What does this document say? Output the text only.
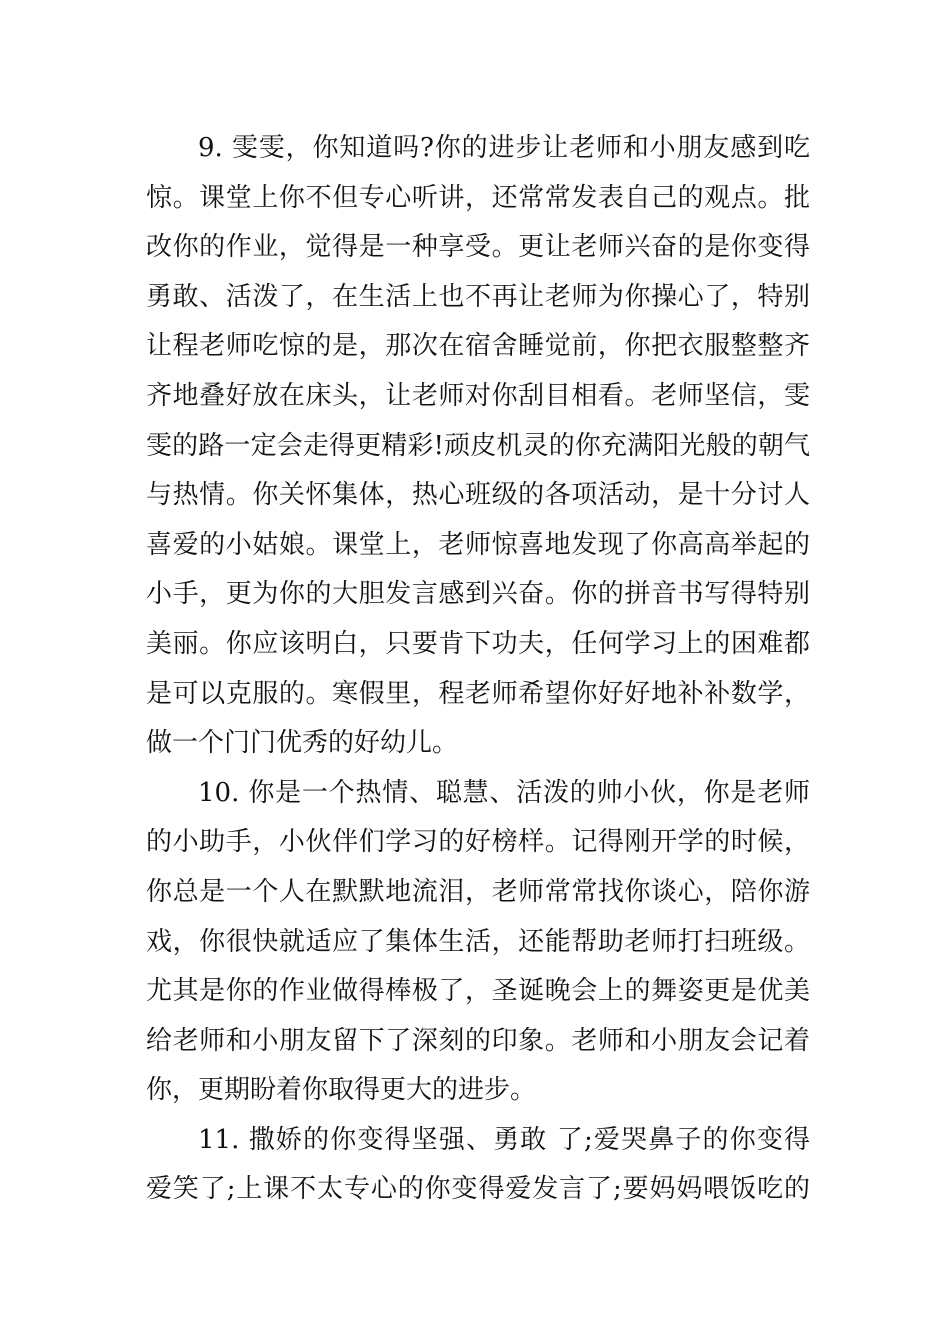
9. 雯雯，你知道吗?你的进步让老师和小朋友感到吃
惊。课堂上你不但专心听讲，还常常发表自己的观点。批
改你的作业，觉得是一种享受。更让老师兴奋的是你变得
勇敢、活泼了，在生活上也不再让老师为你操心了，特别
让程老师吃惊的是，那次在宿舍睡觉前，你把衣服整整齐
齐地叠好放在床头，让老师对你刮目相看。老师坚信，雯
雯的路一定会走得更精彩!顽皮机灵的你充满阳光般的朝气
与热情。你关怀集体，热心班级的各项活动，是十分讨人
喜爱的小姑娘。课堂上，老师惊喜地发现了你高高举起的
小手，更为你的大胆发言感到兴奋。你的拼音书写得特别
美丽。你应该明白，只要肯下功夫，任何学习上的困难都
是可以克服的。寒假里，程老师希望你好好地补补数学，
做一个门门优秀的好幼儿。
10. 你是一个热情、聪慧、活泼的帅小伙，你是老师
的小助手，小伙伴们学习的好榜样。记得刚开学的时候，
你总是一个人在默默地流泪，老师常常找你谈心，陪你游
戏，你很快就适应了集体生活，还能帮助老师打扫班级。
尤其是你的作业做得棒极了，圣诞晚会上的舞姿更是优美
给老师和小朋友留下了深刻的印象。老师和小朋友会记着
你，更期盼着你取得更大的进步。
11. 撒娇的你变得坚强、勇敢 了;爱哭鼻子的你变得
爱笑了;上课不太专心的你变得爱发言了;要妈妈喂饭吃的
